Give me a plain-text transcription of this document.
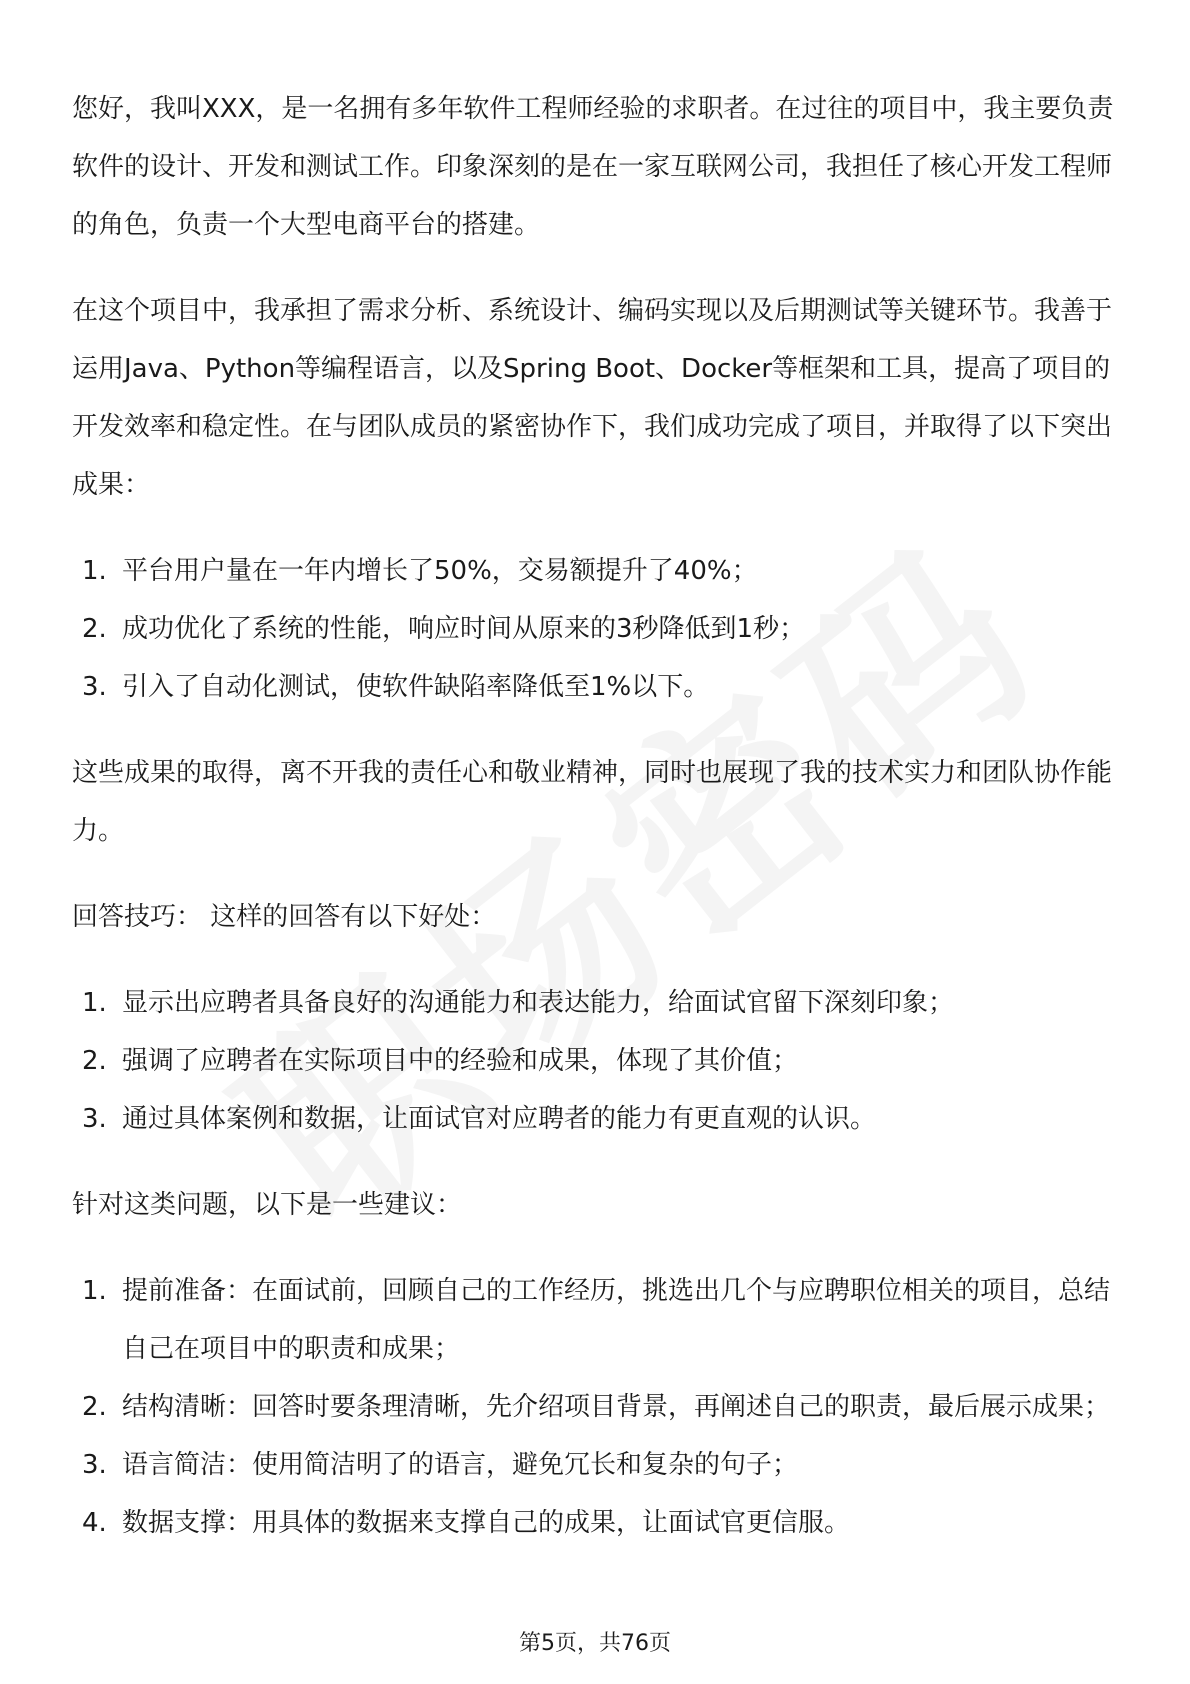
您好，我叫XXX，是一名拥有多年软件工程师经验的求职者。在过往的项目中，我主要负责软件的设计、开发和测试工作。印象深刻的是在一家互联网公司，我担任了核心开发工程师的角色，负责一个大型电商平台的搭建。

在这个项目中，我承担了需求分析、系统设计、编码实现以及后期测试等关键环节。我善于运用Java、Python等编程语言，以及Spring Boot、Docker等框架和工具，提高了项目的开发效率和稳定性。在与团队成员的紧密协作下，我们成功完成了项目，并取得了以下突出成果：

1. 平台用户量在一年内增长了50%，交易额提升了40%；
2. 成功优化了系统的性能，响应时间从原来的3秒降低到1秒；
3. 引入了自动化测试，使软件缺陷率降低至1%以下。

这些成果的取得，离不开我的责任心和敬业精神，同时也展现了我的技术实力和团队协作能力。

回答技巧： 这样的回答有以下好处：

1. 显示出应聘者具备良好的沟通能力和表达能力，给面试官留下深刻印象；
2. 强调了应聘者在实际项目中的经验和成果，体现了其价值；
3. 通过具体案例和数据，让面试官对应聘者的能力有更直观的认识。

针对这类问题，以下是一些建议：

1. 提前准备：在面试前，回顾自己的工作经历，挑选出几个与应聘职位相关的项目，总结自己在项目中的职责和成果；
2. 结构清晰：回答时要条理清晰，先介绍项目背景，再阐述自己的职责，最后展示成果；
3. 语言简洁：使用简洁明了的语言，避免冗长和复杂的句子；
4. 数据支撑：用具体的数据来支撑自己的成果，让面试官更信服。
第5页，共76页
